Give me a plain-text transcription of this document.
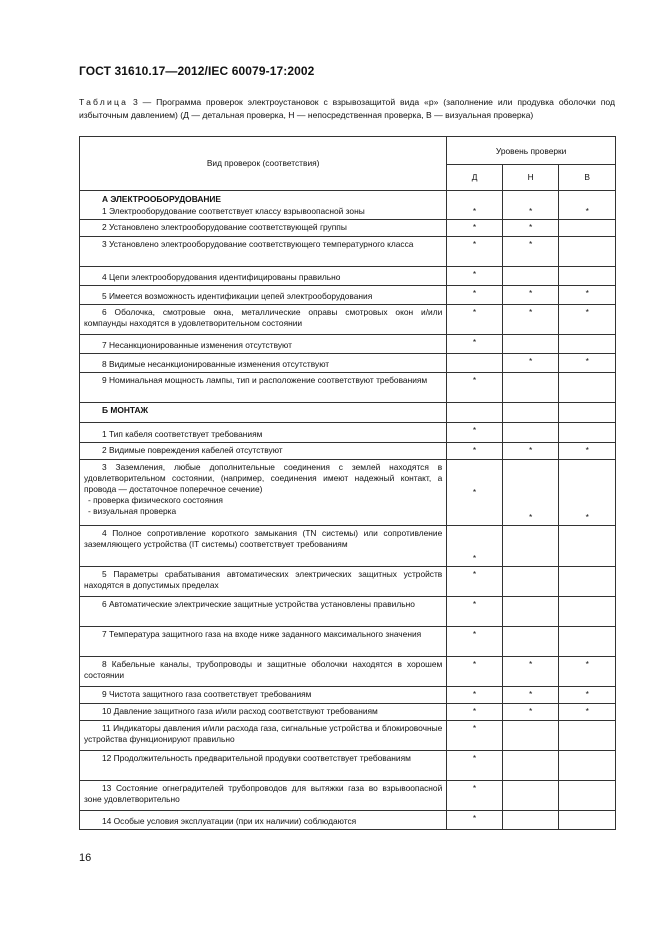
ГОСТ 31610.17—2012/IEC 60079-17:2002
Таблица 3 — Программа проверок электроустановок с взрывозащитой вида «р» (заполнение или продувка оболочки под избыточным давлением) (Д — детальная проверка, Н — непосредственная проверка, В — визуальная проверка)
Вид проверок (соответствия)	Уровень проверки		
	Д	Н	В

А ЭЛЕКТРООБОРУДОВАНИЕ
1 Электрооборудование соответствует классу взрывоопасной зоны	*	*	*
2 Установлено электрооборудование соответствующей группы	*	*	
3 Установлено электрооборудование соответствующего температурного класса	*	*	
4 Цепи электрооборудования идентифицированы правильно	*		
5 Имеется возможность идентификации цепей электрооборудования	*	*	*
6 Оболочка, смотровые окна, металлические оправы смотровых окон и/или компаунды находятся в удовлетворительном состоянии	*	*	*
7 Несанкционированные изменения отсутствуют	*		
8 Видимые несанкционированные изменения отсутствуют		*	*
9 Номинальная мощность лампы, тип и расположение соответствуют требованиям	*		
Б МОНТАЖ			
1 Тип кабеля соответствует требованиям	*		
2 Видимые повреждения кабелей отсутствуют	*	*	*

3 Заземления, любые дополнительные соединения с землей находятся в удовлетворительном состоянии, (например, соединения имеют надежный контакт, а провода — достаточное поперечное сечение)
- проверка физического состояния
- визуальная проверка	*	*	*
4 Полное сопротивление короткого замыкания (TN системы) или сопротивление заземляющего устройства (IT системы) соответствует требованиям	*		
5 Параметры срабатывания автоматических электрических защитных устройств находятся в допустимых пределах	*		
6 Автоматические электрические защитные устройства установлены правильно	*		
7 Температура защитного газа на входе ниже заданного максимального значения	*		
8 Кабельные каналы, трубопроводы и защитные оболочки находятся в хорошем состоянии	*	*	*
9 Чистота защитного газа соответствует требованиям	*	*	*
10 Давление защитного газа и/или расход соответствуют требованиям	*	*	*
11 Индикаторы давления и/или расхода газа, сигнальные устройства и блокировочные устройства функционируют правильно	*		
12 Продолжительность предварительной продувки соответствует требованиям	*		
13 Состояние огнеградителей трубопроводов для вытяжки газа во взрывоопасной зоне удовлетворительно	*		
14 Особые условия эксплуатации (при их наличии) соблюдаются	*		
16
